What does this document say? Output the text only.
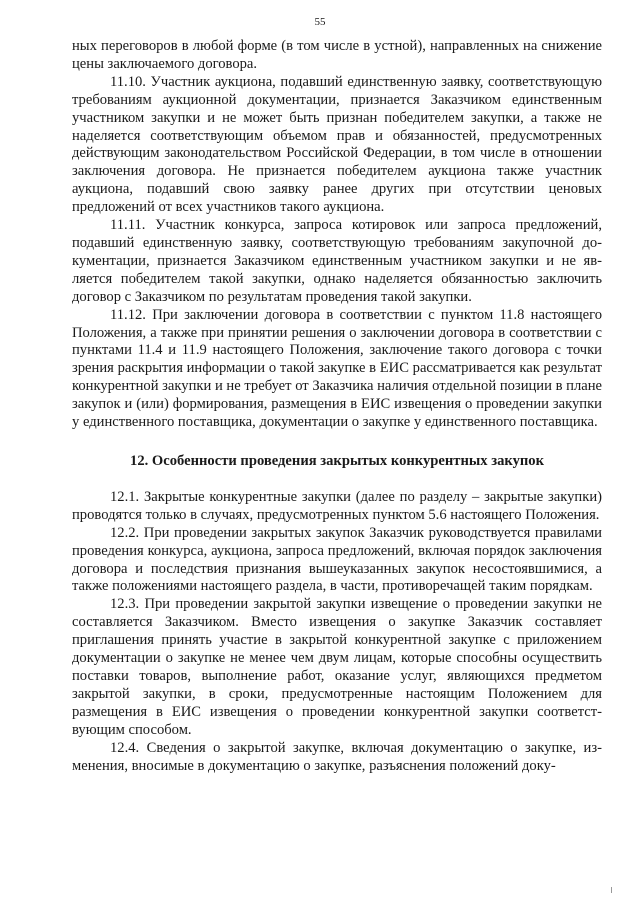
55

ных переговоров в любой форме (в том числе в устной), направленных на снижение цены заключаемого договора.

11.10. Участник аукциона, подавший единственную заявку, соответствующую требованиям аукционной документации, признается Заказчиком единственным участником закупки и не может быть признан победителем закупки, а также не наделяется соответствующим объемом прав и обязанностей, предусмотренных действующим законодательством Российской Федерации, в том числе в отношении заключения договора. Не признается победителем аукциона также участник аукциона, подавший свою заявку ранее других при отсутствии ценовых предложений от всех участников такого аукциона.

11.11. Участник конкурса, запроса котировок или запроса предложений, подавший единственную заявку, соответствующую требованиям закупочной документации, признается Заказчиком единственным участником закупки и не является победителем такой закупки, однако наделяется обязанностью заключить договор с Заказчиком по результатам проведения такой закупки.

11.12. При заключении договора в соответствии с пунктом 11.8 настоящего Положения, а также при принятии решения о заключении договора в соответствии с пунктами 11.4 и 11.9 настоящего Положения, заключение такого договора с точки зрения раскрытия информации о такой закупке в ЕИС рассматривается как результат конкурентной закупки и не требует от Заказчика наличия отдельной позиции в плане закупок и (или) формирования, размещения в ЕИС извещения о проведении закупки у единственного поставщика, документации о закупке у единственного поставщика.

12. Особенности проведения закрытых конкурентных закупок

12.1. Закрытые конкурентные закупки (далее по разделу – закрытые закупки) проводятся только в случаях, предусмотренных пунктом 5.6 настоящего Положения.

12.2. При проведении закрытых закупок Заказчик руководствуется правилами проведения конкурса, аукциона, запроса предложений, включая порядок заключения договора и последствия признания вышеуказанных закупок несостоявшимися, а также положениями настоящего раздела, в части, противоречащей таким порядкам.

12.3. При проведении закрытой закупки извещение о проведении закупки не составляется Заказчиком. Вместо извещения о закупке Заказчик составляет приглашения принять участие в закрытой конкурентной закупке с приложением документации о закупке не менее чем двум лицам, которые способны осуществить поставки товаров, выполнение работ, оказание услуг, являющихся предметом закрытой закупки, в сроки, предусмотренные настоящим Положением для размещения в ЕИС извещения о проведении конкурентной закупки соответствующим способом.

12.4. Сведения о закрытой закупке, включая документацию о закупке, изменения, вносимые в документацию о закупке, разъяснения положений доку-
